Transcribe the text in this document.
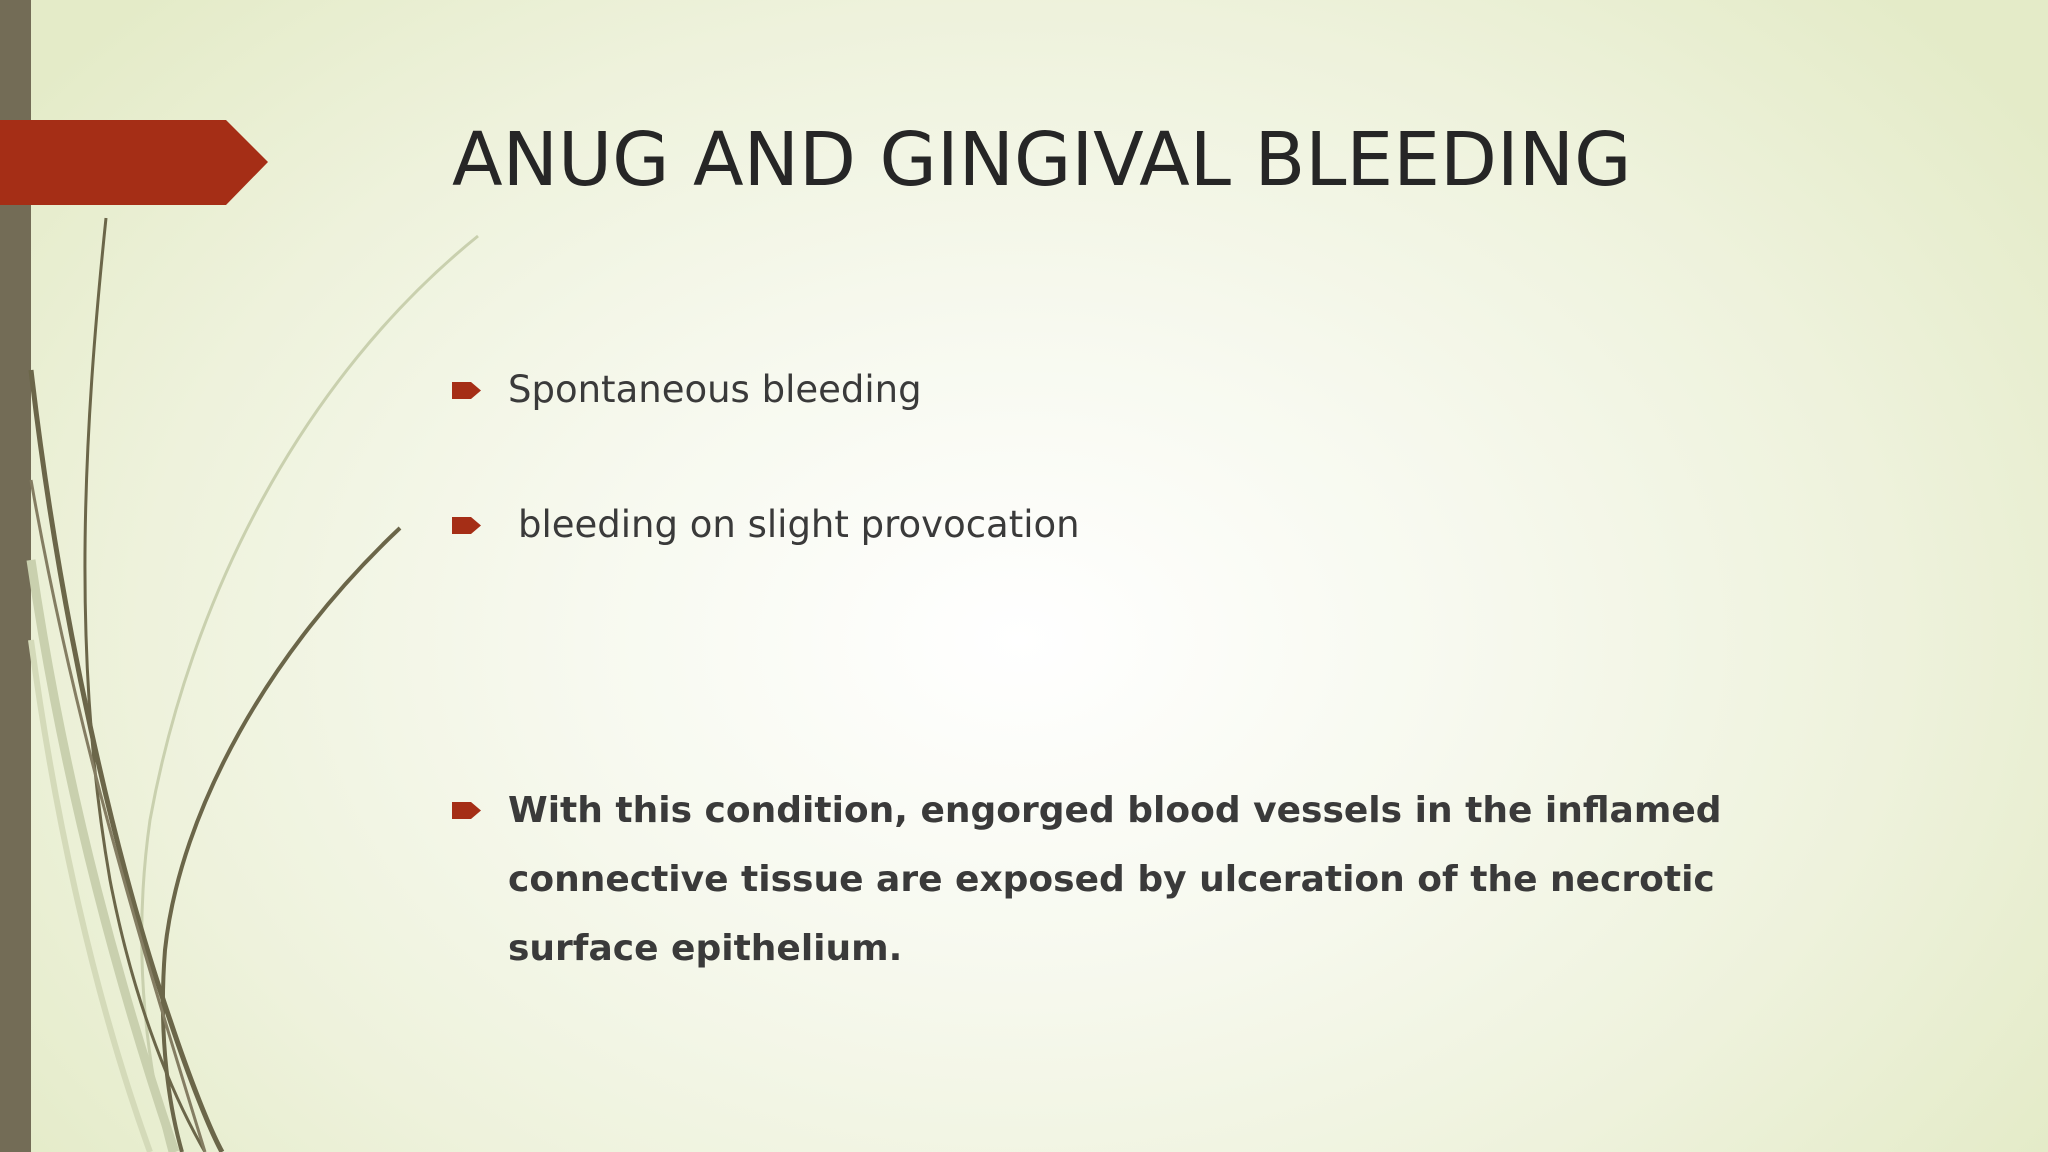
ANUG AND GINGIVAL BLEEDING
Spontaneous bleeding
bleeding on slight provocation
With this condition, engorged blood vessels in the inflamed connective tissue are exposed by ulceration of the necrotic surface epithelium.
